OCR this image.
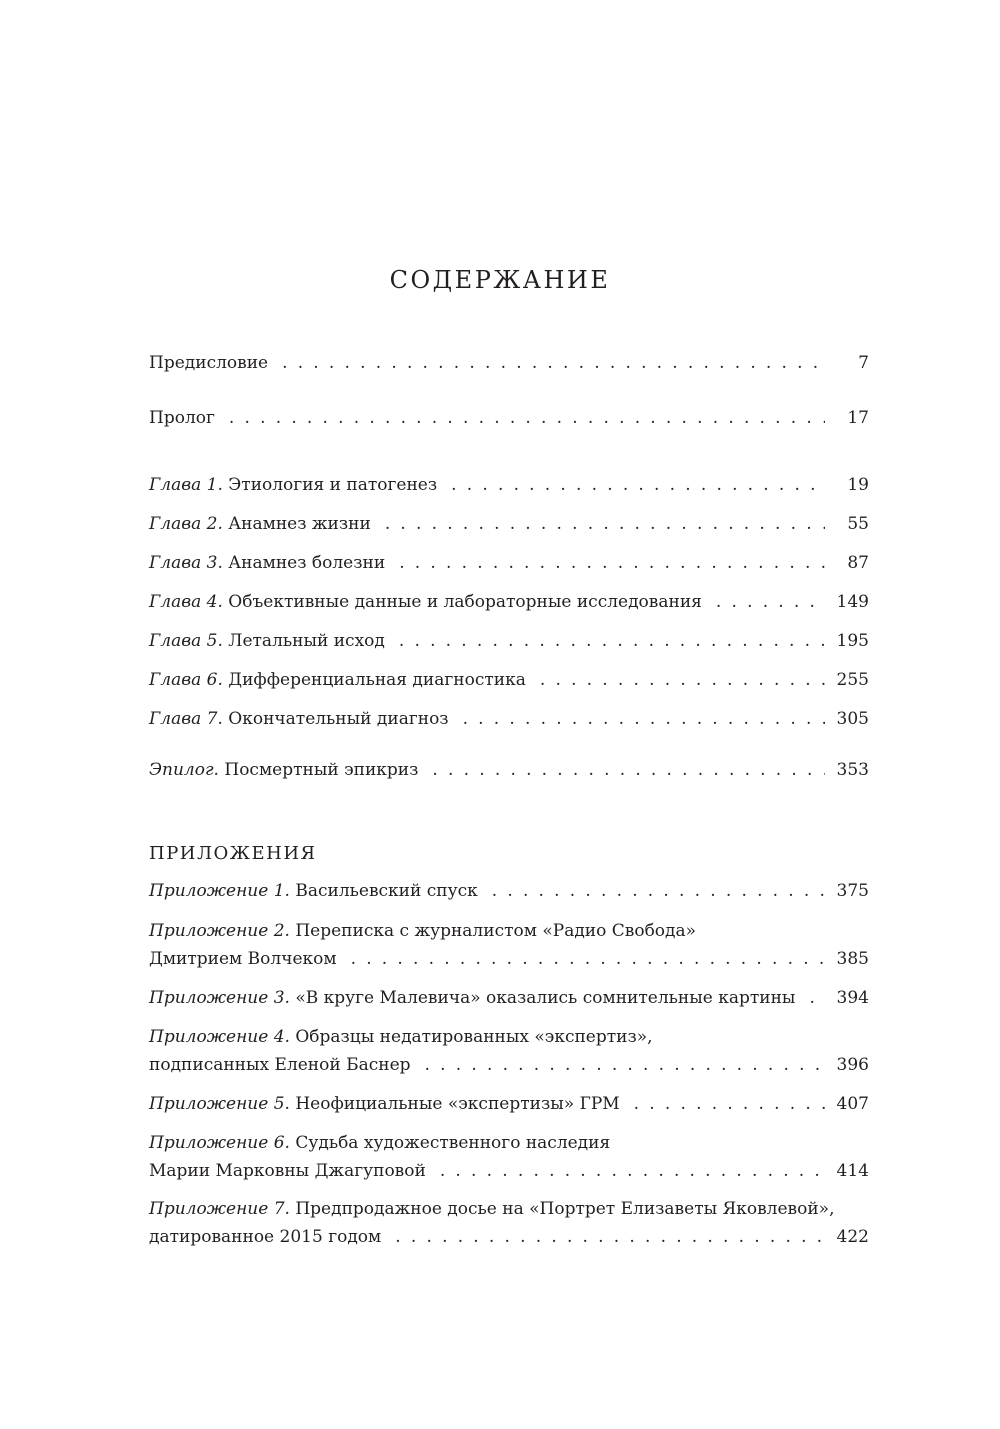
СОДЕРЖАНИЕ
Предисловие . . .	7
Пролог . . .	17
Глава 1. Этиология и патогенез . . .	19
Глава 2. Анамнез жизни . . .	55
Глава 3. Анамнез болезни . . .	87
Глава 4. Объективные данные и лабораторные исследования . . .	149
Глава 5. Летальный исход . . .	195
Глава 6. Дифференциальная диагностика . . .	255
Глава 7. Окончательный диагноз . . .	305
Эпилог. Посмертный эпикриз . . .	353
ПРИЛОЖЕНИЯ
Приложение 1. Васильевский спуск . . .	375
Приложение 2. Переписка с журналистом «Радио Свобода»
Дмитрием Волчеком . . .	385
Приложение 3. «В круге Малевича» оказались сомнительные картины . . . 394
Приложение 4. Образцы недатированных «экспертиз»,
подписанных Еленой Баснер . . .	396
Приложение 5. Неофициальные «экспертизы» ГРМ . . .	407
Приложение 6. Судьба художественного наследия
Марии Марковны Джагуповой . . .	414
Приложение 7. Предпродажное досье на «Портрет Елизаветы Яковлевой»,
датированное 2015 годом . . .	422
